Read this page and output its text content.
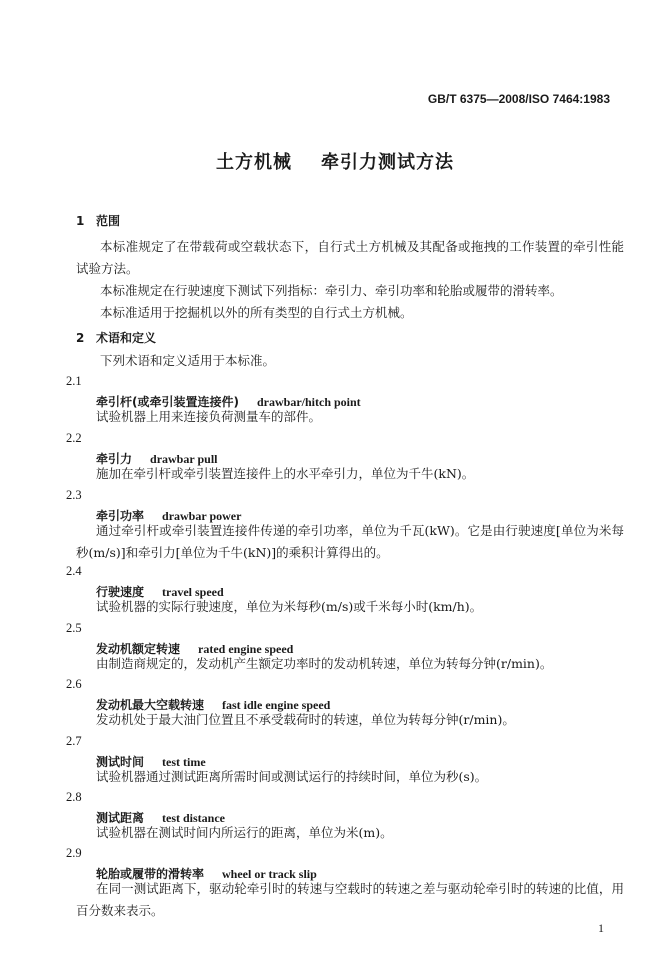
GB/T 6375—2008/ISO 7464:1983
土方机械    牵引力测试方法
1 范围
本标准规定了在带载荷或空载状态下，自行式土方机械及其配备或拖拽的工作装置的牵引性能试验方法。
本标准规定在行驶速度下测试下列指标：牵引力、牵引功率和轮胎或履带的滑转率。
本标准适用于挖掘机以外的所有类型的自行式土方机械。
2 术语和定义
下列术语和定义适用于本标准。
2.1
牵引杆(或牵引装置连接件) drawbar/hitch point
试验机器上用来连接负荷测量车的部件。
2.2
牵引力 drawbar pull
施加在牵引杆或牵引装置连接件上的水平牵引力，单位为千牛(kN)。
2.3
牵引功率 drawbar power
通过牵引杆或牵引装置连接件传递的牵引功率，单位为千瓦(kW)。它是由行驶速度[单位为米每秒(m/s)]和牵引力[单位为千牛(kN)]的乘积计算得出的。
2.4
行驶速度 travel speed
试验机器的实际行驶速度，单位为米每秒(m/s)或千米每小时(km/h)。
2.5
发动机额定转速 rated engine speed
由制造商规定的，发动机产生额定功率时的发动机转速，单位为转每分钟(r/min)。
2.6
发动机最大空载转速 fast idle engine speed
发动机处于最大油门位置且不承受载荷时的转速，单位为转每分钟(r/min)。
2.7
测试时间 test time
试验机器通过测试距离所需时间或测试运行的持续时间，单位为秒(s)。
2.8
测试距离 test distance
试验机器在测试时间内所运行的距离，单位为米(m)。
2.9
轮胎或履带的滑转率 wheel or track slip
在同一测试距离下，驱动轮牵引时的转速与空载时的转速之差与驱动轮牵引时的转速的比值，用百分数来表示。
1
